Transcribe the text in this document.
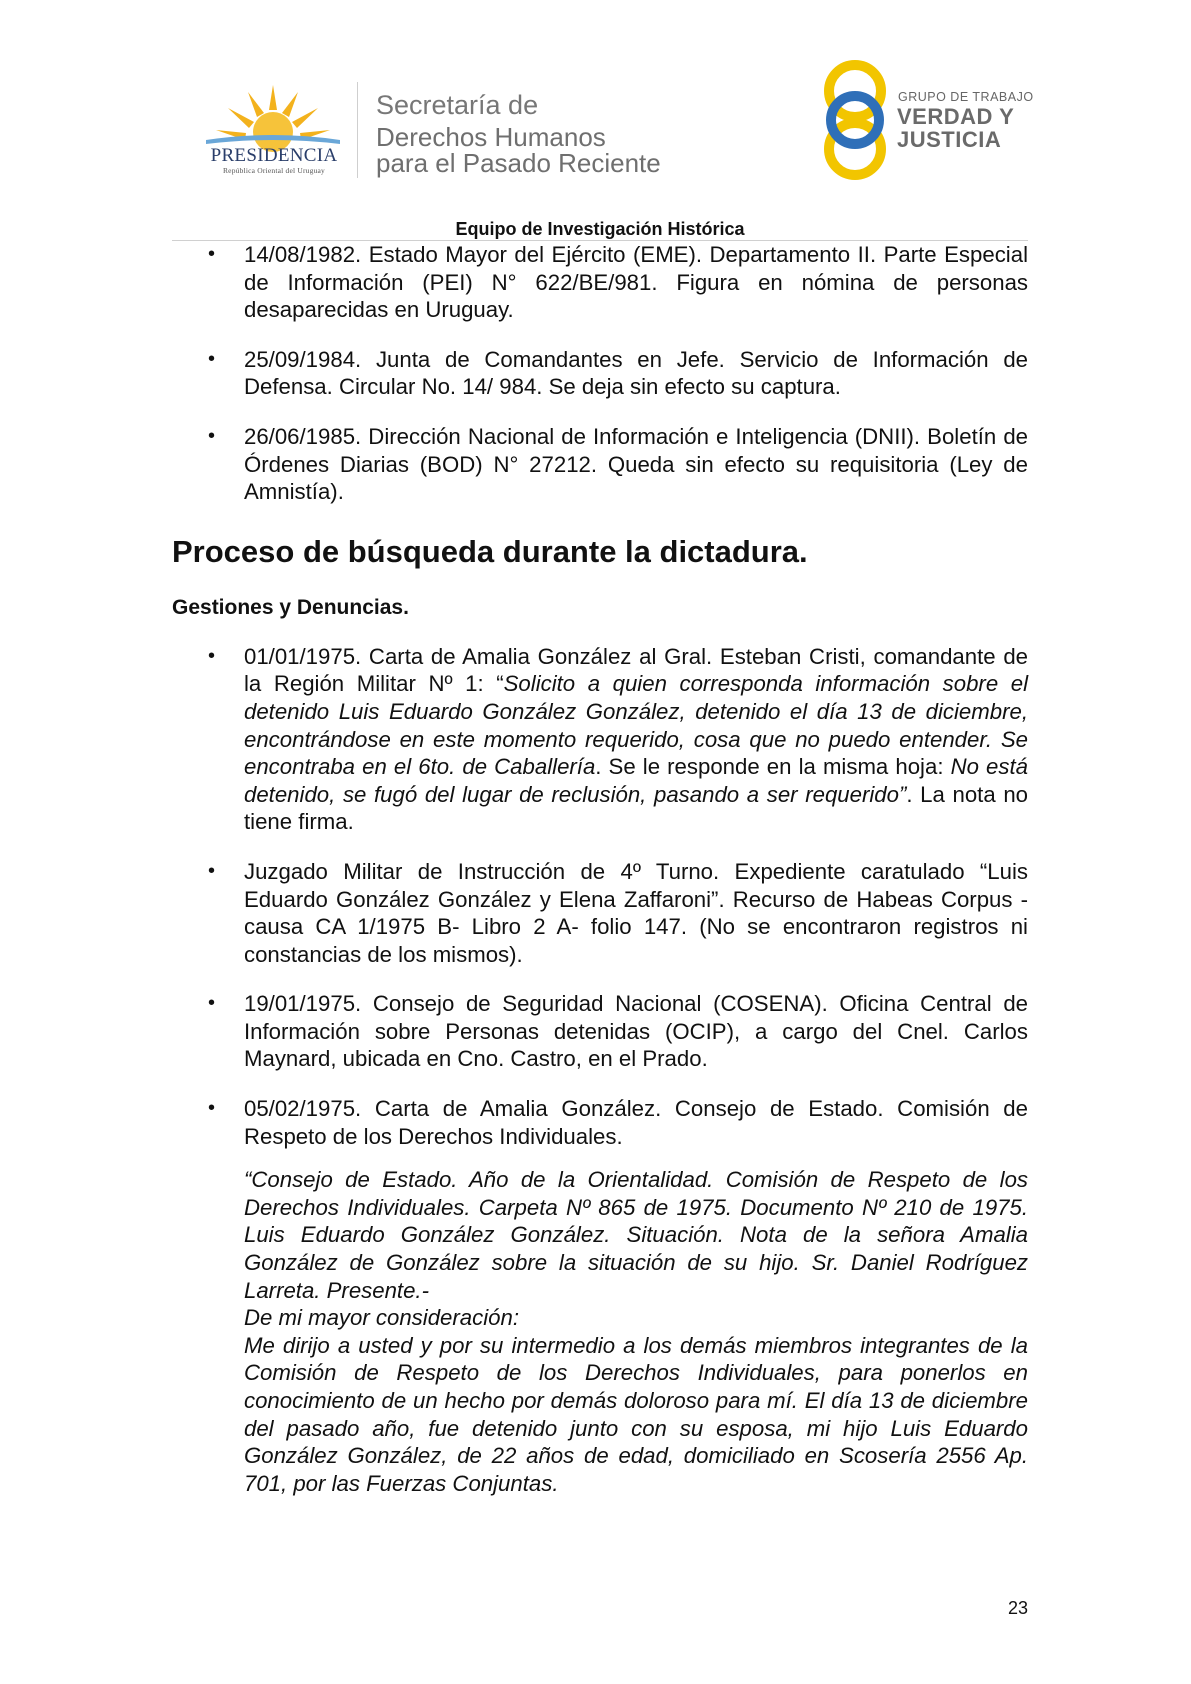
PRESIDENCIA
República Oriental del Uruguay
Secretaría de
Derechos Humanos
para el Pasado Reciente
GRUPO DE TRABAJO
VERDAD Y
JUSTICIA
Equipo de Investigación Histórica
• 14/08/1982. Estado Mayor del Ejército (EME). Departamento II. Parte Especial de Información (PEI) N° 622/BE/981. Figura en nómina de personas desaparecidas en Uruguay.
• 25/09/1984. Junta de Comandantes en Jefe. Servicio de Información de Defensa. Circular No. 14/ 984. Se deja sin efecto su captura.
• 26/06/1985. Dirección Nacional de Información e Inteligencia (DNII). Boletín de Órdenes Diarias (BOD) N° 27212. Queda sin efecto su requisitoria (Ley de Amnistía).
Proceso de búsqueda durante la dictadura.
Gestiones y Denuncias.
• 01/01/1975. Carta de Amalia González al Gral. Esteban Cristi, comandante de la Región Militar Nº 1: “Solicito a quien corresponda información sobre el detenido Luis Eduardo González González, detenido el día 13 de diciembre, encontrándose en este momento requerido, cosa que no puedo entender. Se encontraba en el 6to. de Caballería. Se le responde en la misma hoja: No está detenido, se fugó del lugar de reclusión, pasando a ser requerido”. La nota no tiene firma.
• Juzgado Militar de Instrucción de 4º Turno. Expediente caratulado “Luis Eduardo González González y Elena Zaffaroni”. Recurso de Habeas Corpus - causa CA 1/1975 B- Libro 2 A- folio 147. (No se encontraron registros ni constancias de los mismos).
• 19/01/1975. Consejo de Seguridad Nacional (COSENA). Oficina Central de Información sobre Personas detenidas (OCIP), a cargo del Cnel. Carlos Maynard, ubicada en Cno. Castro, en el Prado.
• 05/02/1975. Carta de Amalia González. Consejo de Estado. Comisión de Respeto de los Derechos Individuales.

“Consejo de Estado. Año de la Orientalidad. Comisión de Respeto de los Derechos Individuales. Carpeta Nº 865 de 1975. Documento Nº 210 de 1975. Luis Eduardo González González. Situación. Nota de la señora Amalia González de González sobre la situación de su hijo. Sr. Daniel Rodríguez Larreta. Presente.-

De mi mayor consideración:

Me dirijo a usted y por su intermedio a los demás miembros integrantes de la Comisión de Respeto de los Derechos Individuales, para ponerlos en conocimiento de un hecho por demás doloroso para mí. El día 13 de diciembre del pasado año, fue detenido junto con su esposa, mi hijo Luis Eduardo González González, de 22 años de edad, domiciliado en Scosería 2556 Ap. 701, por las Fuerzas Conjuntas.

23
